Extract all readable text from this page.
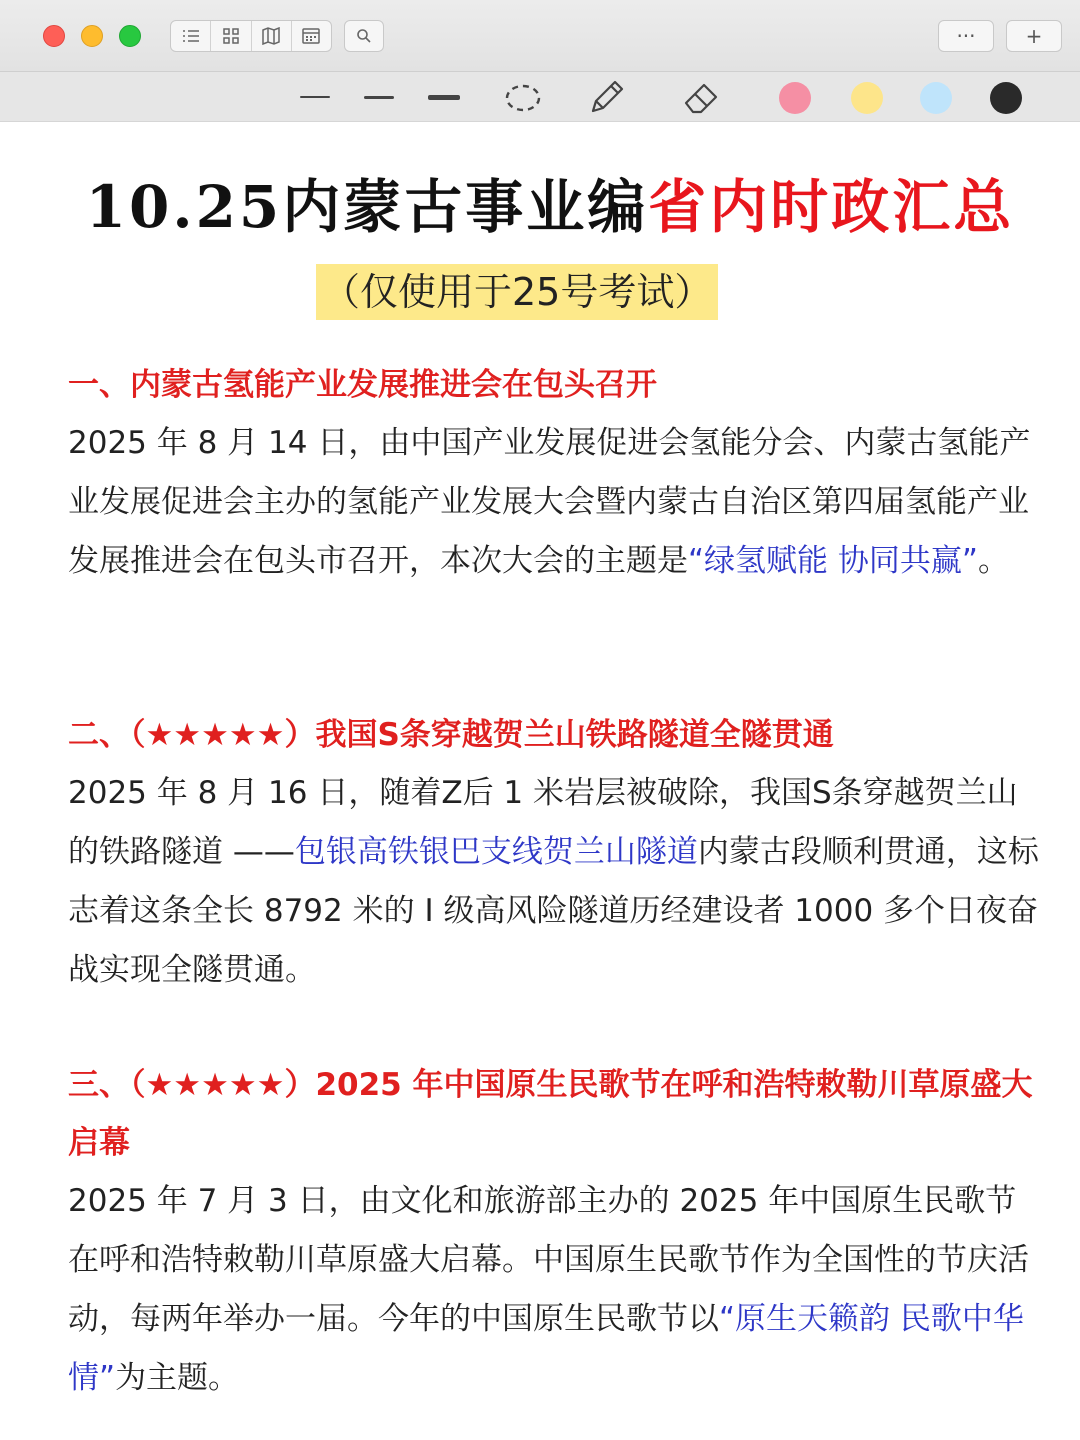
···	+
10.25内蒙古事业编省内时政汇总
（仅使用于25号考试）
一、内蒙古氢能产业发展推进会在包头召开
2025 年 8 月 14 日，由中国产业发展促进会氢能分会、内蒙古氢能产业发展促进会主办的氢能产业发展大会暨内蒙古自治区第四届氢能产业发展推进会在包头市召开，本次大会的主题是“绿氢赋能 协同共赢”。
二、（★★★★★）我国S条穿越贺兰山铁路隧道全隧贯通
2025 年 8 月 16 日，随着Z后 1 米岩层被破除，我国S条穿越贺兰山的铁路隧道 ——包银高铁银巴支线贺兰山隧道内蒙古段顺利贯通，这标志着这条全长 8792 米的 I 级高风险隧道历经建设者 1000 多个日夜奋战实现全隧贯通。
三、（★★★★★）2025 年中国原生民歌节在呼和浩特敕勒川草原盛大启幕
2025 年 7 月 3 日，由文化和旅游部主办的 2025 年中国原生民歌节在呼和浩特敕勒川草原盛大启幕。中国原生民歌节作为全国性的节庆活动，每两年举办一届。今年的中国原生民歌节以“原生天籁韵 民歌中华情”为主题。
